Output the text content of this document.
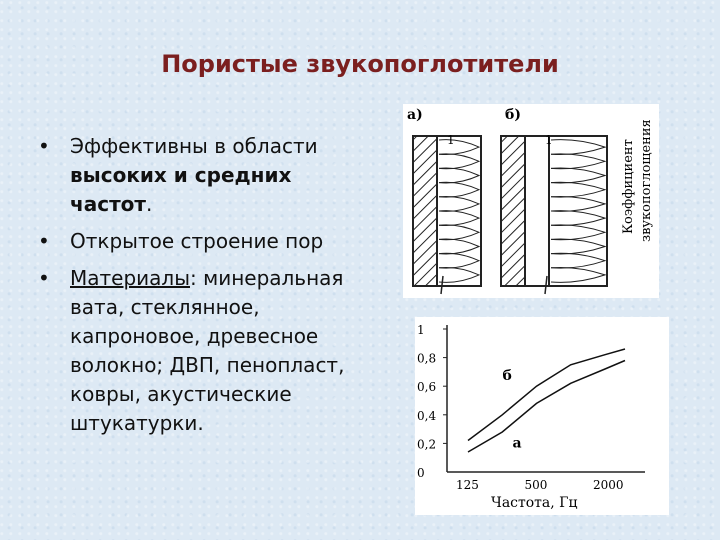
Пористые звукопоглотители
• Эффективны в области высоких и средних частот.
• Открытое строение пор
• Материалы: минеральная вата, стеклянное, капроновое, древесное волокно; ДВП, пенопласт, ковры, акустические штукатурки.
а)	б)
1	1	Коэффициент звукопоглощения
0
0,2
0,4
0,6
0,8
1
125	500	2000
б
а
Частота, Гц
